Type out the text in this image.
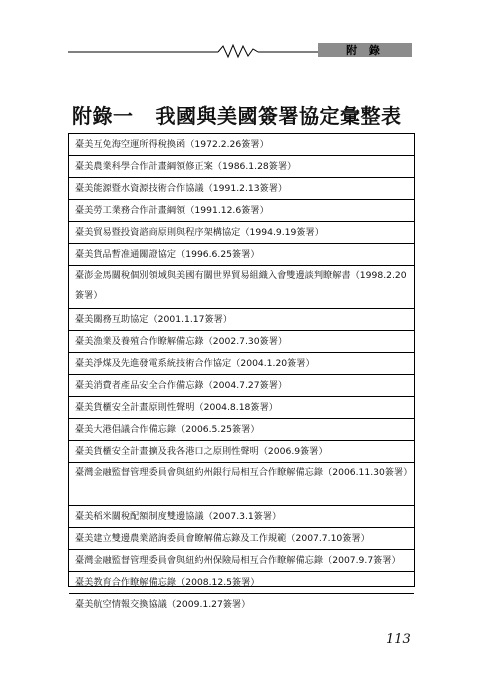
附 錄
附錄一 我國與美國簽署協定彙整表
臺美互免海空運所得稅換函（1972.2.26簽署）
臺美農業科學合作計畫綱領修正案（1986.1.28簽署）
臺美能源暨水資源技術合作協議（1991.2.13簽署）
臺美勞工業務合作計畫綱領（1991.12.6簽署）
臺美貿易暨投資諮商原則與程序架構協定（1994.9.19簽署）
臺美貨品暫准通關證協定（1996.6.25簽署）
臺澎金馬關稅個別領域與美國有關世界貿易組織入會雙邊談判瞭解書（1998.2.20簽署）
臺美關務互助協定（2001.1.17簽署）
臺美漁業及養殖合作瞭解備忘錄（2002.7.30簽署）
臺美淨煤及先進發電系統技術合作協定（2004.1.20簽署）
臺美消費者產品安全合作備忘錄（2004.7.27簽署）
臺美貨櫃安全計畫原則性聲明（2004.8.18簽署）
臺美大港倡議合作備忘錄（2006.5.25簽署）
臺美貨櫃安全計畫擴及我各港口之原則性聲明（2006.9簽署）
臺灣金融監督管理委員會與紐約州銀行局相互合作瞭解備忘錄（2006.11.30簽署）
臺美稻米關稅配額制度雙邊協議（2007.3.1簽署）
臺美建立雙邊農業諮詢委員會瞭解備忘錄及工作規範（2007.7.10簽署）
臺灣金融監督管理委員會與紐約州保險局相互合作瞭解備忘錄（2007.9.7簽署）
臺美教育合作瞭解備忘錄（2008.12.5簽署）
臺美航空情報交換協議（2009.1.27簽署）
113
